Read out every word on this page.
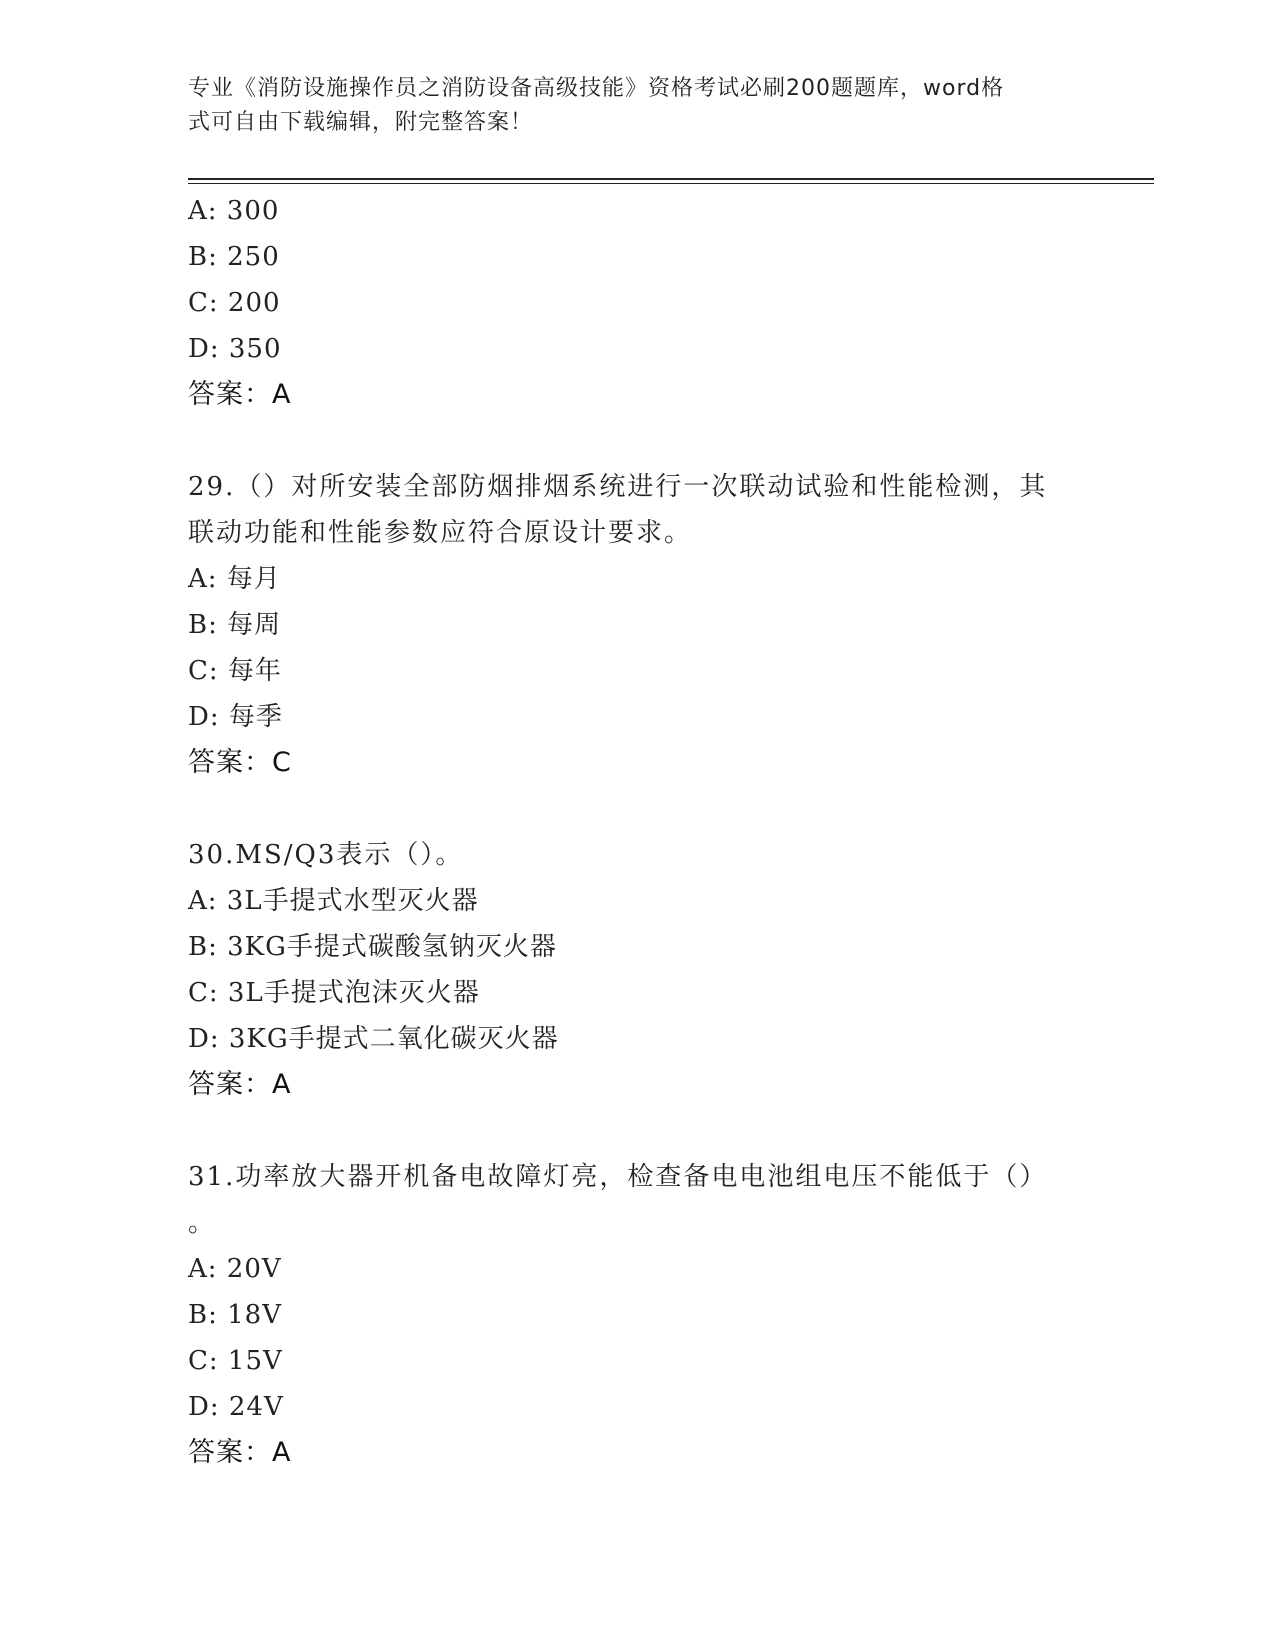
专业《消防设施操作员之消防设备高级技能》资格考试必刷200题题库，word格
式可自由下载编辑，附完整答案！
A: 300
B: 250
C: 200
D: 350
答案：A
29.（）对所安装全部防烟排烟系统进行一次联动试验和性能检测，其
联动功能和性能参数应符合原设计要求。
A: 每月
B: 每周
C: 每年
D: 每季
答案：C
30.MS/Q3表示（）。
A: 3L手提式水型灭火器
B: 3KG手提式碳酸氢钠灭火器
C: 3L手提式泡沫灭火器
D: 3KG手提式二氧化碳灭火器
答案：A
31.功率放大器开机备电故障灯亮，检查备电电池组电压不能低于（）
。
A: 20V
B: 18V
C: 15V
D: 24V
答案：A
